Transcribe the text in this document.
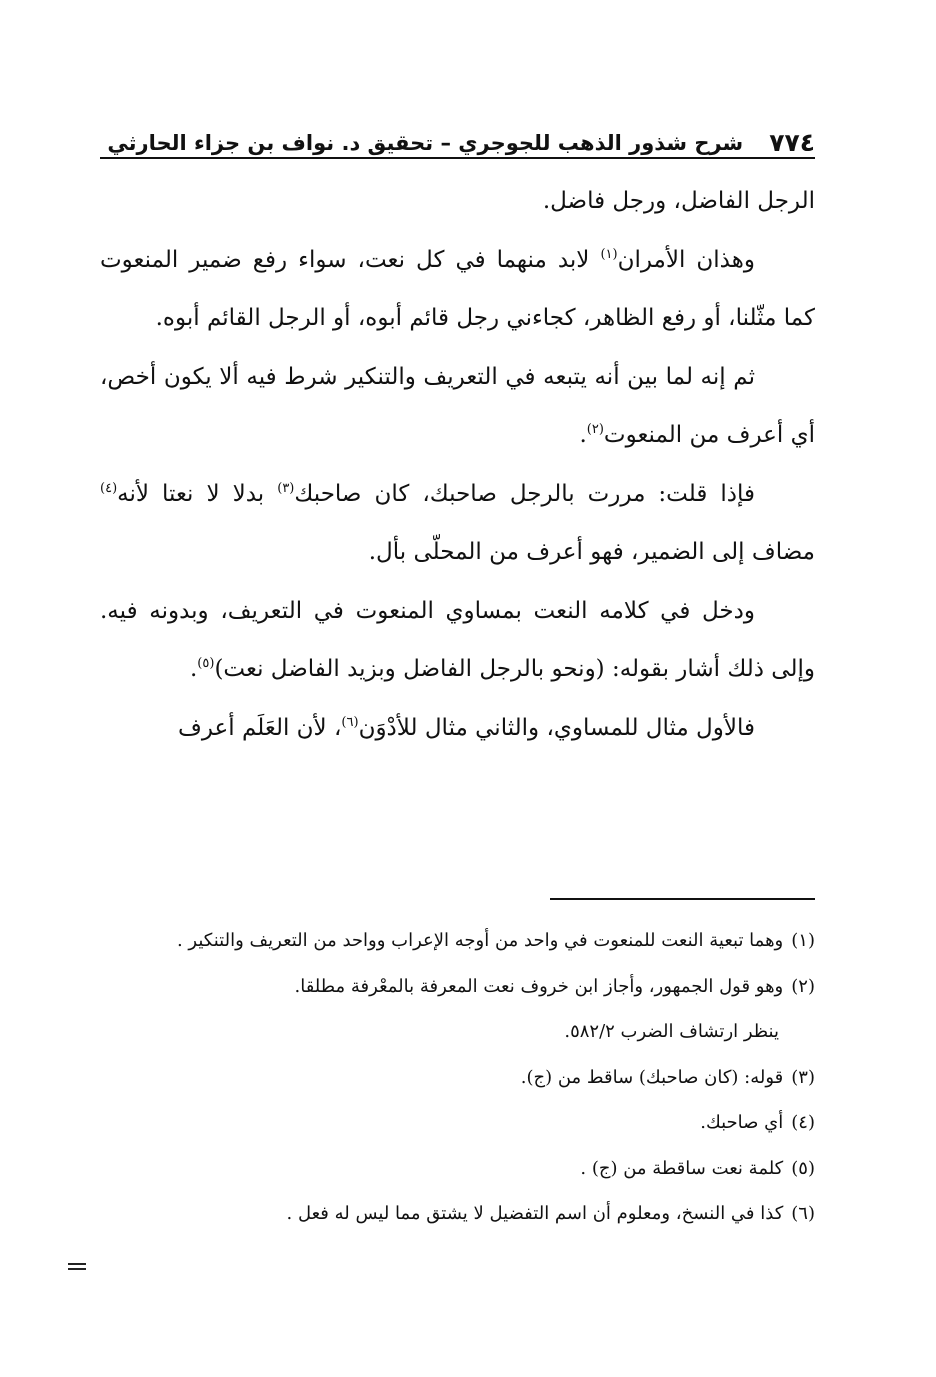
٧٧٤
شرح شذور الذهب للجوجري – تحقيق د. نواف بن جزاء الحارثي

الرجل الفاضل، ورجل فاضل.

وهذان الأمران$^{(١)}$ لابد منهما في كل نعت، سواء رفع ضمير المنعوت كما مثّلنا، أو رفع الظاهر، كجاءني رجل قائم أبوه، أو الرجل القائم أبوه.

ثم إنه لما بين أنه يتبعه في التعريف والتنكير شرط فيه ألا يكون أخص، أي أعرف من المنعوت$^{(٢)}$.

فإذا قلت: مررت بالرجل صاحبك، كان صاحبك$^{(٣)}$ بدلا لا نعتا لأنه$^{(٤)}$ مضاف إلى الضمير، فهو أعرف من المحلّى بأل.

ودخل في كلامه النعت بمساوي المنعوت في التعريف، وبدونه فيه. وإلى ذلك أشار بقوله: (ونحو بالرجل الفاضل وبزيد الفاضل نعت)$^{(٥)}$.

فالأول مثال للمساوي، والثاني مثال للأدْوَن$^{(٦)}$، لأن العَلَم أعرف

(١)وهما تبعية النعت للمنعوت في واحد من أوجه الإعراب وواحد من التعريف والتنكير .

(٢)وهو قول الجمهور، وأجاز ابن خروف نعت المعرفة بالمعْرفة مطلقا.

ينظر ارتشاف الضرب ٥٨٢/٢.

(٣)قوله: (كان صاحبك) ساقط من (ج).

(٤)أي صاحبك.

(٥)كلمة نعت ساقطة من (ج) .

(٦)كذا في النسخ، ومعلوم أن اسم التفضيل لا يشتق مما ليس له فعل .
